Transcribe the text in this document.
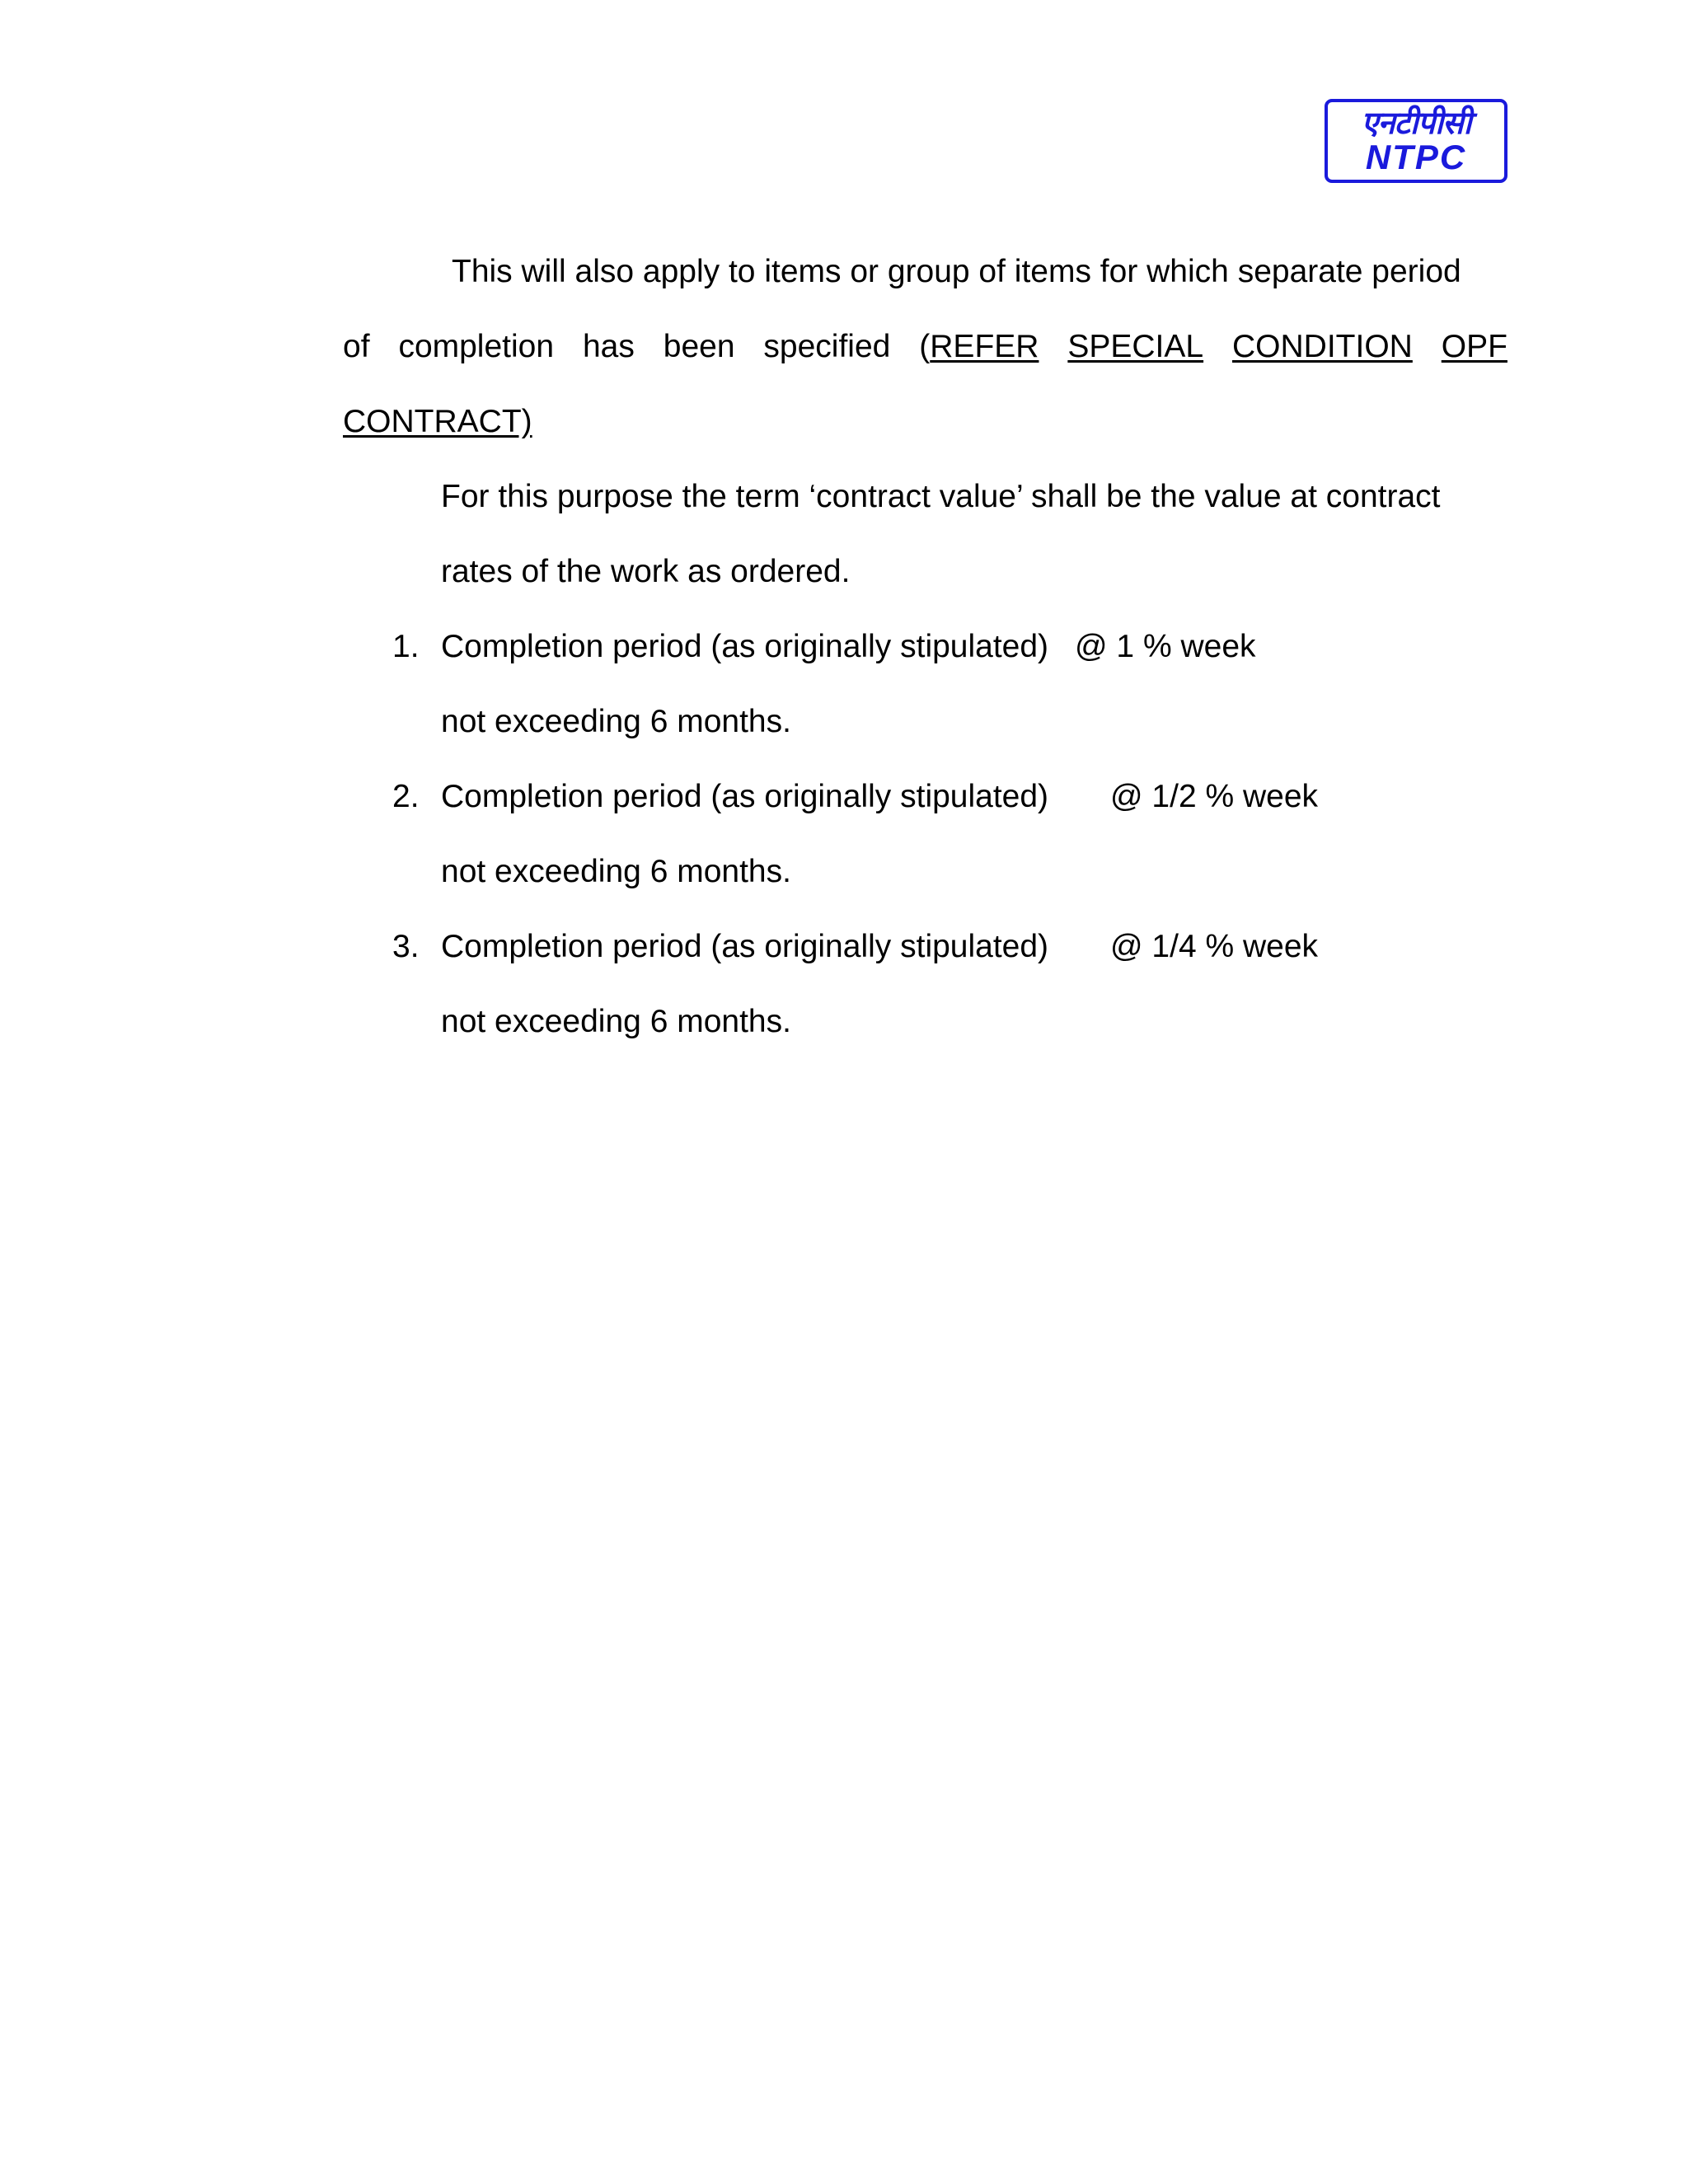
एनटीपीसी
NTPC
This will also apply to items or group of items for which separate period
of completion has been specified (REFER SPECIAL CONDITION OPF
CONTRACT)
For this purpose the term ‘contract value’ shall be the value at contract
rates of the work as ordered.
1. Completion period (as originally stipulated) @ 1 % week
not exceeding 6 months.
2. Completion period (as originally stipulated) @ 1/2 % week
not exceeding 6 months.
3. Completion period (as originally stipulated) @ 1/4 % week
not exceeding 6 months.
